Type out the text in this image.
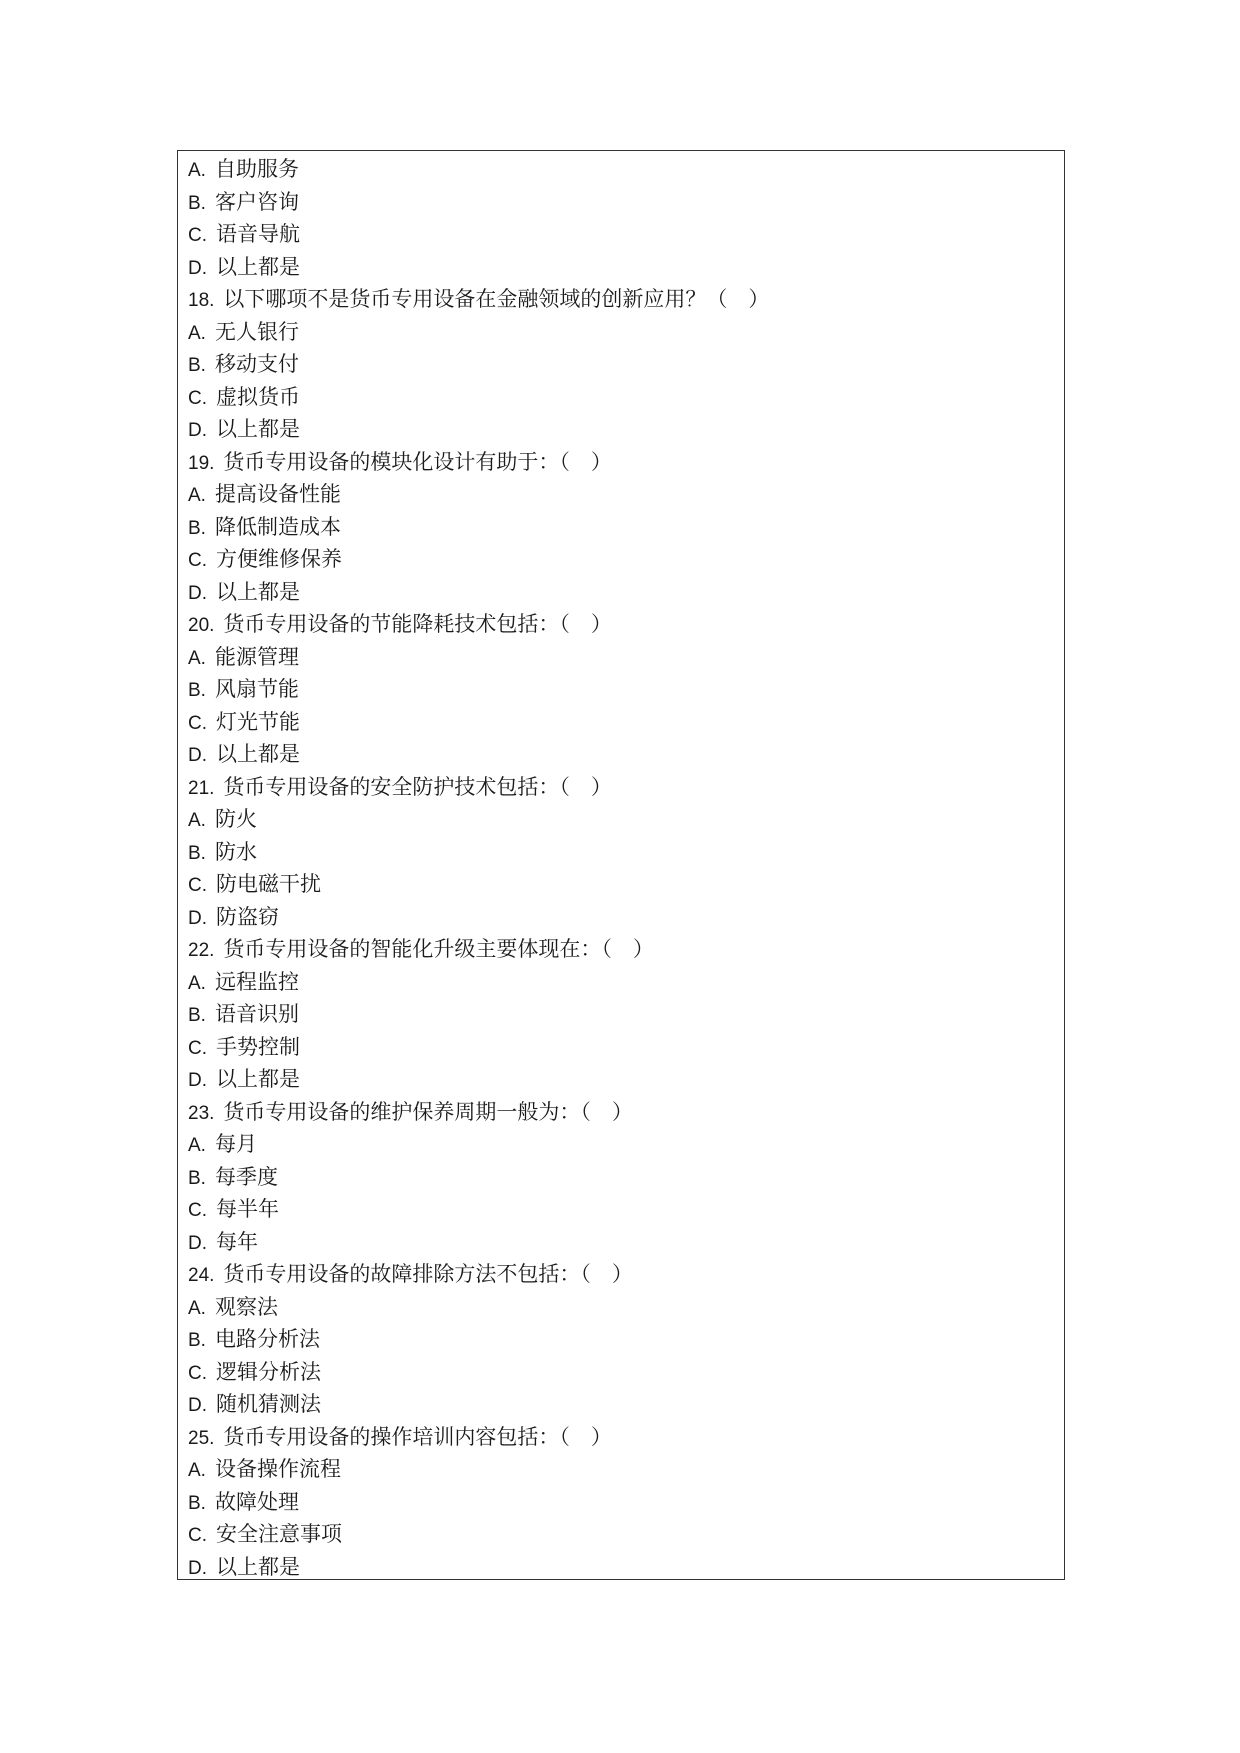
A. 自助服务
B. 客户咨询
C. 语音导航
D. 以上都是
18. 以下哪项不是货币专用设备在金融领域的创新应用？（　）
A. 无人银行
B. 移动支付
C. 虚拟货币
D. 以上都是
19. 货币专用设备的模块化设计有助于：（　）
A. 提高设备性能
B. 降低制造成本
C. 方便维修保养
D. 以上都是
20. 货币专用设备的节能降耗技术包括：（　）
A. 能源管理
B. 风扇节能
C. 灯光节能
D. 以上都是
21. 货币专用设备的安全防护技术包括：（　）
A. 防火
B. 防水
C. 防电磁干扰
D. 防盗窃
22. 货币专用设备的智能化升级主要体现在：（　）
A. 远程监控
B. 语音识别
C. 手势控制
D. 以上都是
23. 货币专用设备的维护保养周期一般为：（　）
A. 每月
B. 每季度
C. 每半年
D. 每年
24. 货币专用设备的故障排除方法不包括：（　）
A. 观察法
B. 电路分析法
C. 逻辑分析法
D. 随机猜测法
25. 货币专用设备的操作培训内容包括：（　）
A. 设备操作流程
B. 故障处理
C. 安全注意事项
D. 以上都是
